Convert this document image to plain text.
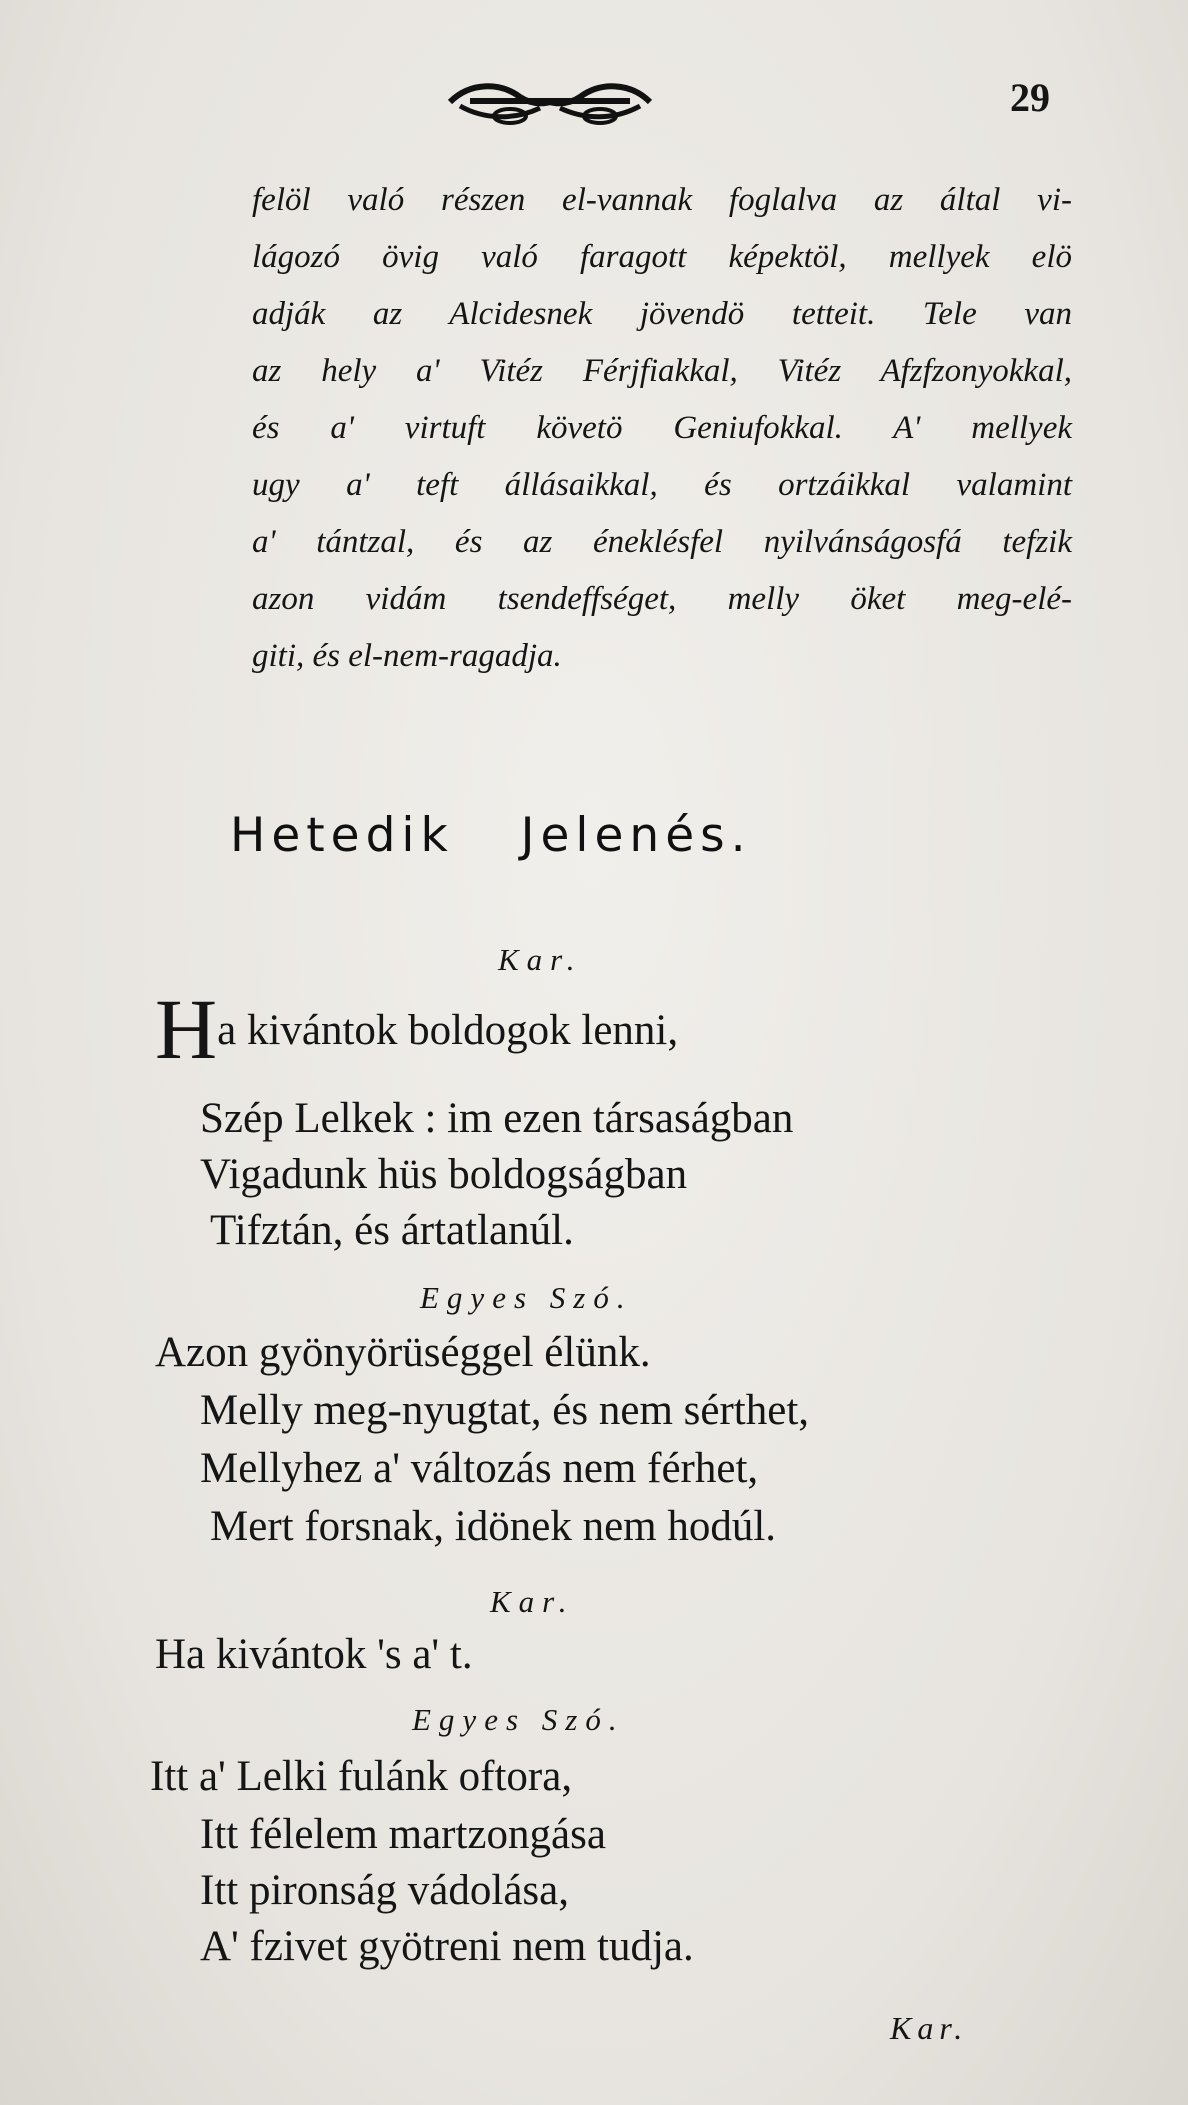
29
felöl való részen el-vannak foglalva az által vi-
lágozó övig való faragott képektöl, mellyek elö
adják az Alcidesnek jövendö tetteit. Tele van
az hely a' Vitéz Férjfiakkal, Vitéz Afzfzonyokkal,
és a' virtuft követö Geniufokkal. A' mellyek
ugy a' teft állásaikkal, és ortzáikkal valamint
a' tántzal, és az éneklésfel nyilvánságosfá tefzik
azon vidám tsendeffséget, melly öket meg-elé-
giti, és el-nem-ragadja.
Hetedik Jelenés.
Kar.
Ha kivántok boldogok lenni,
Szép Lelkek : im ezen társaságban
Vigadunk hüs boldogságban
Tifztán, és ártatlanúl.
Egyes Szó.
Azon gyönyörüséggel élünk.
Melly meg-nyugtat, és nem sérthet,
Mellyhez a' változás nem férhet,
Mert forsnak, idönek nem hodúl.
Kar.
Ha kivántok 's a' t.
Egyes Szó.
Itt a' Lelki fulánk oftora,
Itt félelem martzongása
Itt pironság vádolása,
A' fzivet gyötreni nem tudja.
Kar.
